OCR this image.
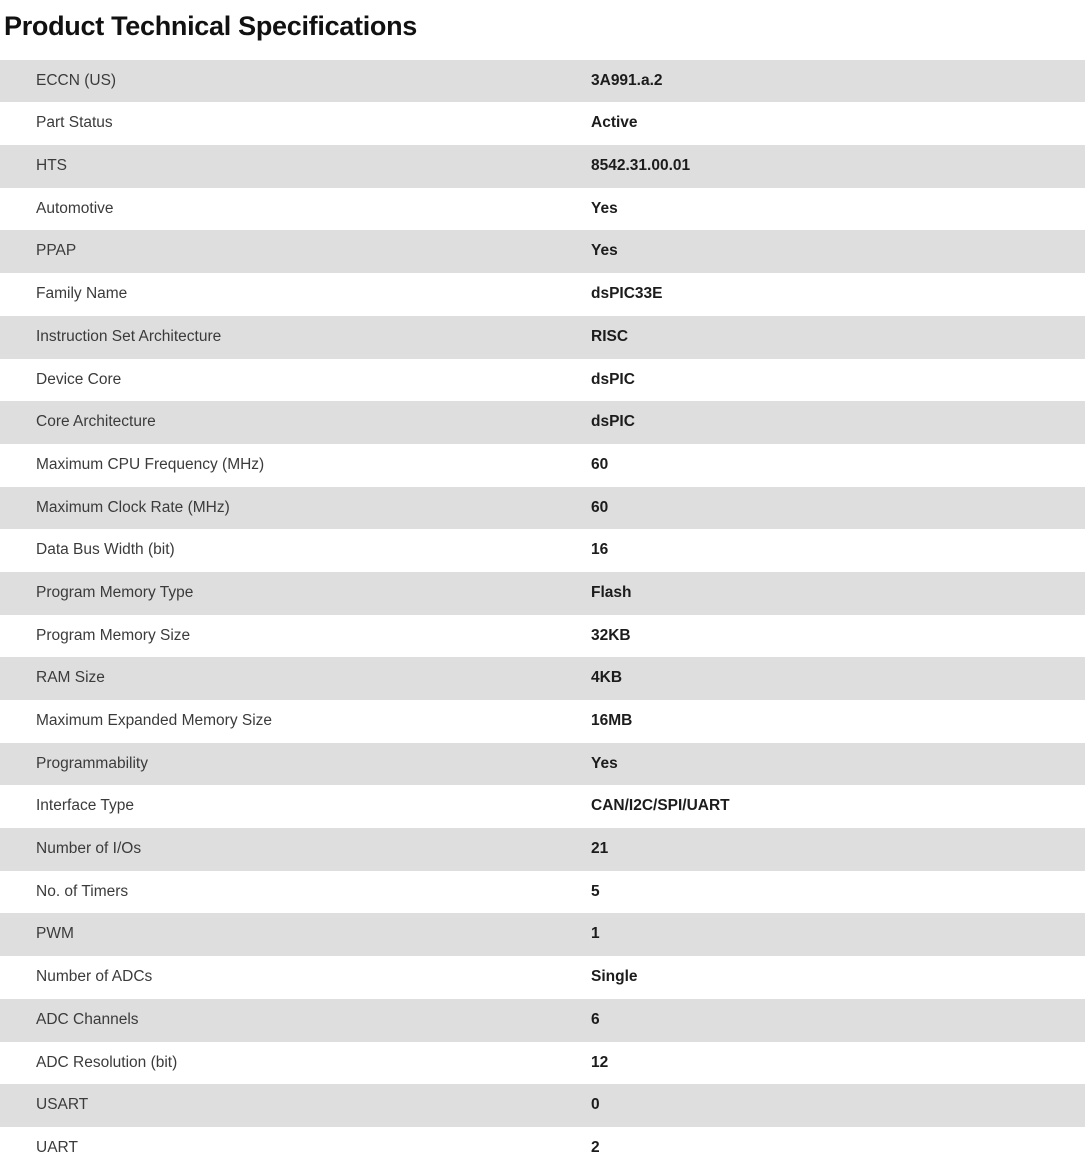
Product Technical Specifications
ECCN (US)	3A991.a.2
Part Status	Active
HTS	8542.31.00.01
Automotive	Yes
PPAP	Yes
Family Name	dsPIC33E
Instruction Set Architecture	RISC
Device Core	dsPIC
Core Architecture	dsPIC
Maximum CPU Frequency (MHz)	60
Maximum Clock Rate (MHz)	60
Data Bus Width (bit)	16
Program Memory Type	Flash
Program Memory Size	32KB
RAM Size	4KB
Maximum Expanded Memory Size	16MB
Programmability	Yes
Interface Type	CAN/I2C/SPI/UART
Number of I/Os	21
No. of Timers	5
PWM	1
Number of ADCs	Single
ADC Channels	6
ADC Resolution (bit)	12
USART	0
UART	2
